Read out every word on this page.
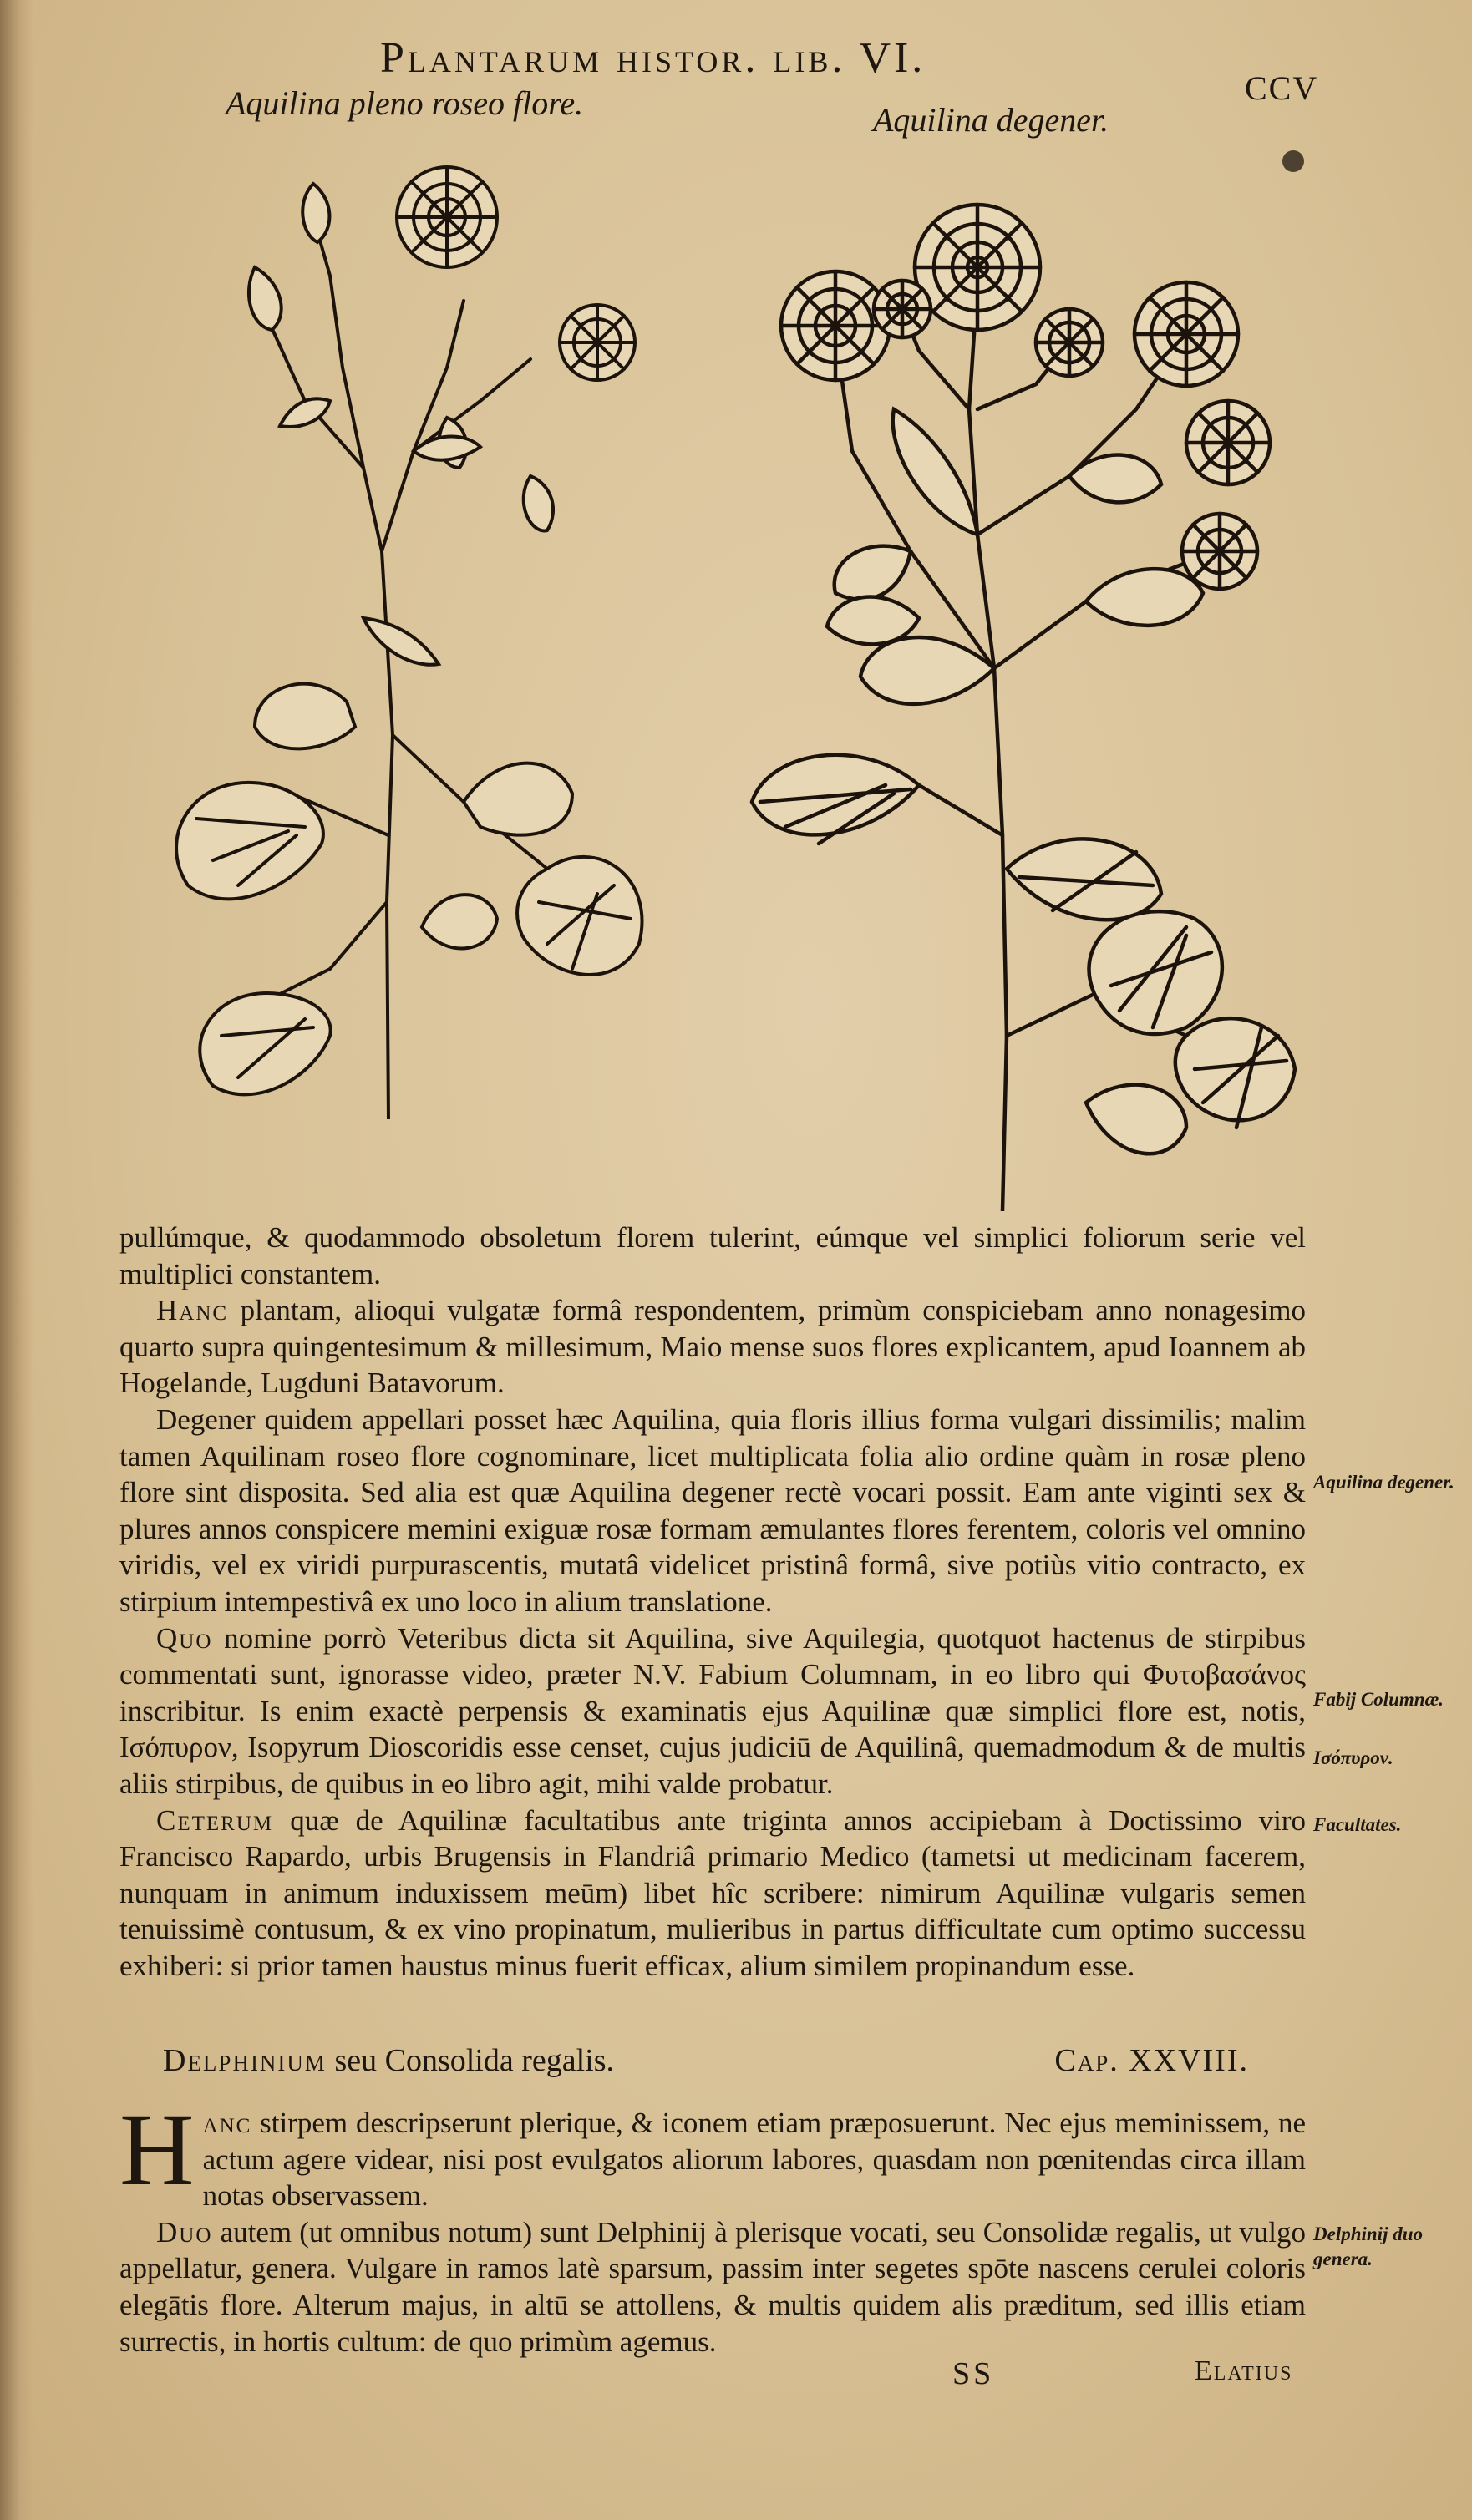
Plantarum histor. lib. VI.
CCV
Aquilina pleno roseo flore.	Aquilina degener.

pullúmque, & quodammodo obsoletum florem tulerint, eúmque vel simplici foliorum serie vel multiplici constantem.

Hanc plantam, alioqui vulgatæ formâ respondentem, primùm conspiciebam anno nonagesimo quarto supra quingentesimum & millesimum, Maio mense suos flores explicantem, apud Ioannem ab Hogelande, Lugduni Batavorum.

Degener quidem appellari posset hæc Aquilina, quia floris illius forma vulgari dissimilis; malim tamen Aquilinam roseo flore cognominare, licet multiplicata folia alio ordine quàm in rosæ pleno flore sint disposita. Sed alia est quæ Aquilina degener rectè vocari possit. Eam ante viginti sex & plures annos conspicere memini exiguæ rosæ formam æmulantes flores ferentem, coloris vel omnino viridis, vel ex viridi purpurascentis, mutatâ videlicet pristinâ formâ, sive potiùs vitio contracto, ex stirpium intempestivâ ex uno loco in alium translatione.

Quo nomine porrò Veteribus dicta sit Aquilina, sive Aquilegia, quotquot hactenus de stirpibus commentati sunt, ignorasse video, præter N.V. Fabium Columnam, in eo libro qui Φυτοβασάνος inscribitur. Is enim exactè perpensis & examinatis ejus Aquilinæ quæ simplici flore est, notis, Ισόπυρον, Isopyrum Dioscoridis esse censet, cujus judiciū de Aquilinâ, quemadmodum & de multis aliis stirpibus, de quibus in eo libro agit, mihi valde probatur.

Ceterum quæ de Aquilinæ facultatibus ante triginta annos accipiebam à Doctissimo viro Francisco Rapardo, urbis Brugensis in Flandriâ primario Medico (tametsi ut medicinam facerem, nunquam in animum induxissem meūm) libet hîc scribere: nimirum Aquilinæ vulgaris semen tenuissimè contusum, & ex vino propinatum, mulieribus in partus difficultate cum optimo successu exhiberi: si prior tamen haustus minus fuerit efficax, alium similem propinandum esse.

Aquilina degener.
Fabij Columnæ.
Ισόπυρον.
Facultates.
Delphinium seu Consolida regalis.	Cap. XXVIII.

Hanc stirpem descripserunt plerique, & iconem etiam præposuerunt. Nec ejus meminissem, ne actum agere videar, nisi post evulgatos aliorum labores, quasdam non pœnitendas circa illam notas observassem.

Duo autem (ut omnibus notum) sunt Delphinij à plerisque vocati, seu Consolidæ regalis, ut vulgo appellatur, genera. Vulgare in ramos latè sparsum, passim inter segetes spōte nascens cerulei coloris elegātis flore. Alterum majus, in altū se attollens, & multis quidem alis præditum, sed illis etiam surrectis, in hortis cultum: de quo primùm agemus.

Delphinij duo genera.
SS	Elatius
